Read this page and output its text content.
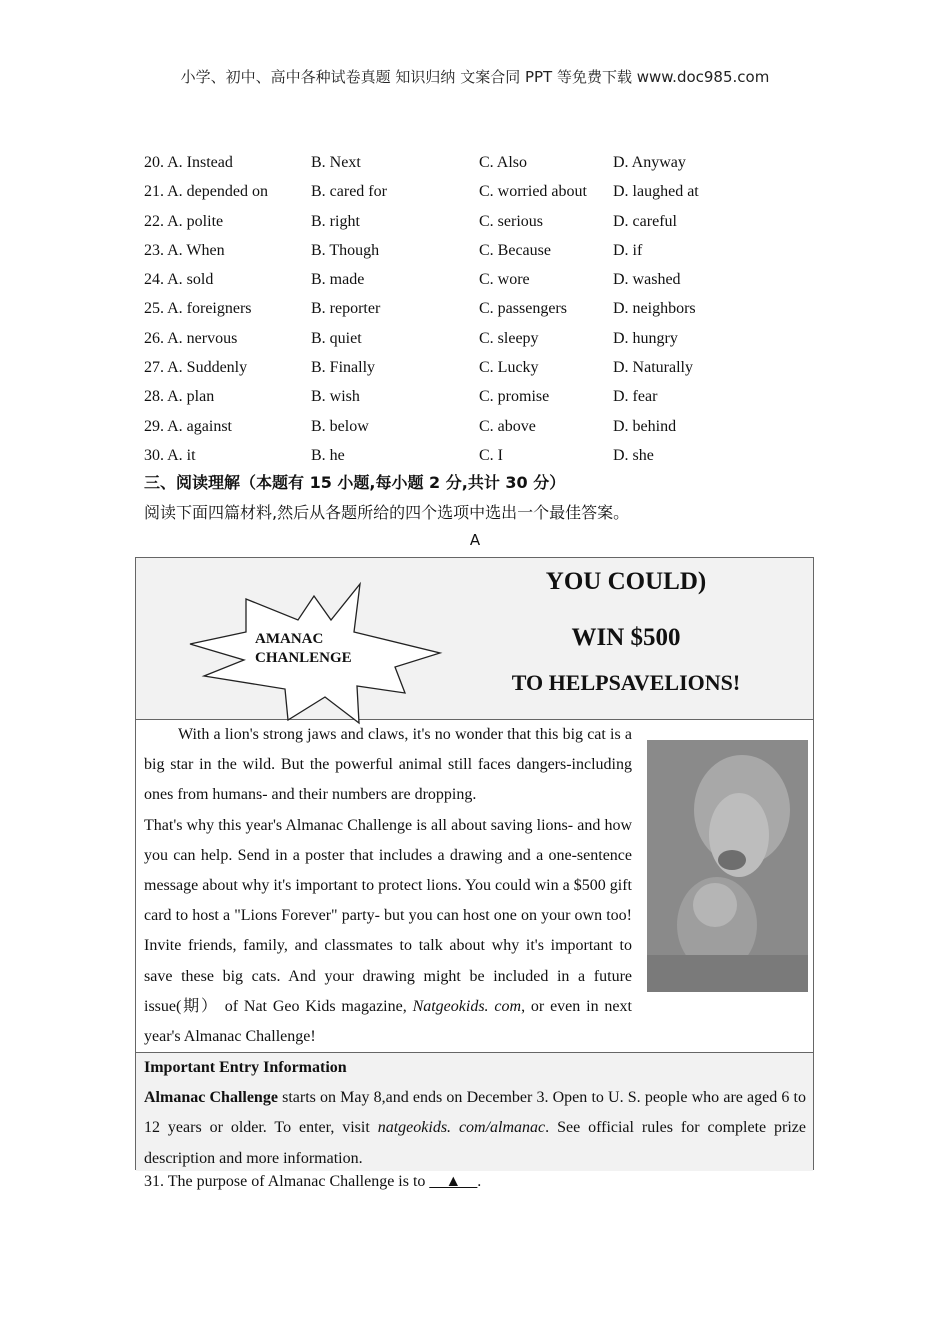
小学、初中、高中各种试卷真题 知识归纳 文案合同 PPT 等免费下载 www.doc985.com
20. A. Instead	B. Next	C. Also	D. Anyway
21. A. depended on	B. cared for	C. worried about D. laughed at
22. A. polite	B. right	C. serious	D. careful
23. A. When	B. Though	C. Because	D. if
24. A. sold	B. made	C. wore	D. washed
25. A. foreigners	B. reporter	C. passengers	D. neighbors
26. A. nervous	B. quiet	C. sleepy	D. hungry
27. A. Suddenly	B. Finally	C. Lucky	D. Naturally
28. A. plan	B. wish	C. promise	D. fear
29. A. against	B. below	C. above	D. behind
30. A. it	B. he	C. I	D. she
三、阅读理解（本题有 15 小题,每小题 2 分,共计 30 分）
阅读下面四篇材料,然后从各题所给的四个选项中选出一个最佳答案。
A
AMANAC
CHANLENGE
YOU COULD)
WIN $500
TO HELPSAVELIONS!

With a lion's strong jaws and claws, it's no wonder that this big cat is a big star in the wild. But the powerful animal still faces dangers-including ones from humans- and their numbers are dropping.

That's why this year's Almanac Challenge is all about saving lions- and how you can help. Send in a poster that includes a drawing and a one-sentence message about why it's important to protect lions. You could win a $500 gift card to host a "Lions Forever" party- but you can host one on your own too! Invite friends, family, and classmates to talk about why it's important to save these big cats. And your drawing might be included in a future issue(期） of Nat Geo Kids magazine, Natgeokids. com, or even in next year's Almanac Challenge!

Important Entry Information

Almanac Challenge starts on May 8,and ends on December 3. Open to U. S. people who are aged 6 to 12 years or older. To enter, visit natgeokids. com/almanac. See official rules for complete prize description and more information.

31. The purpose of Almanac Challenge is to __▲__.
